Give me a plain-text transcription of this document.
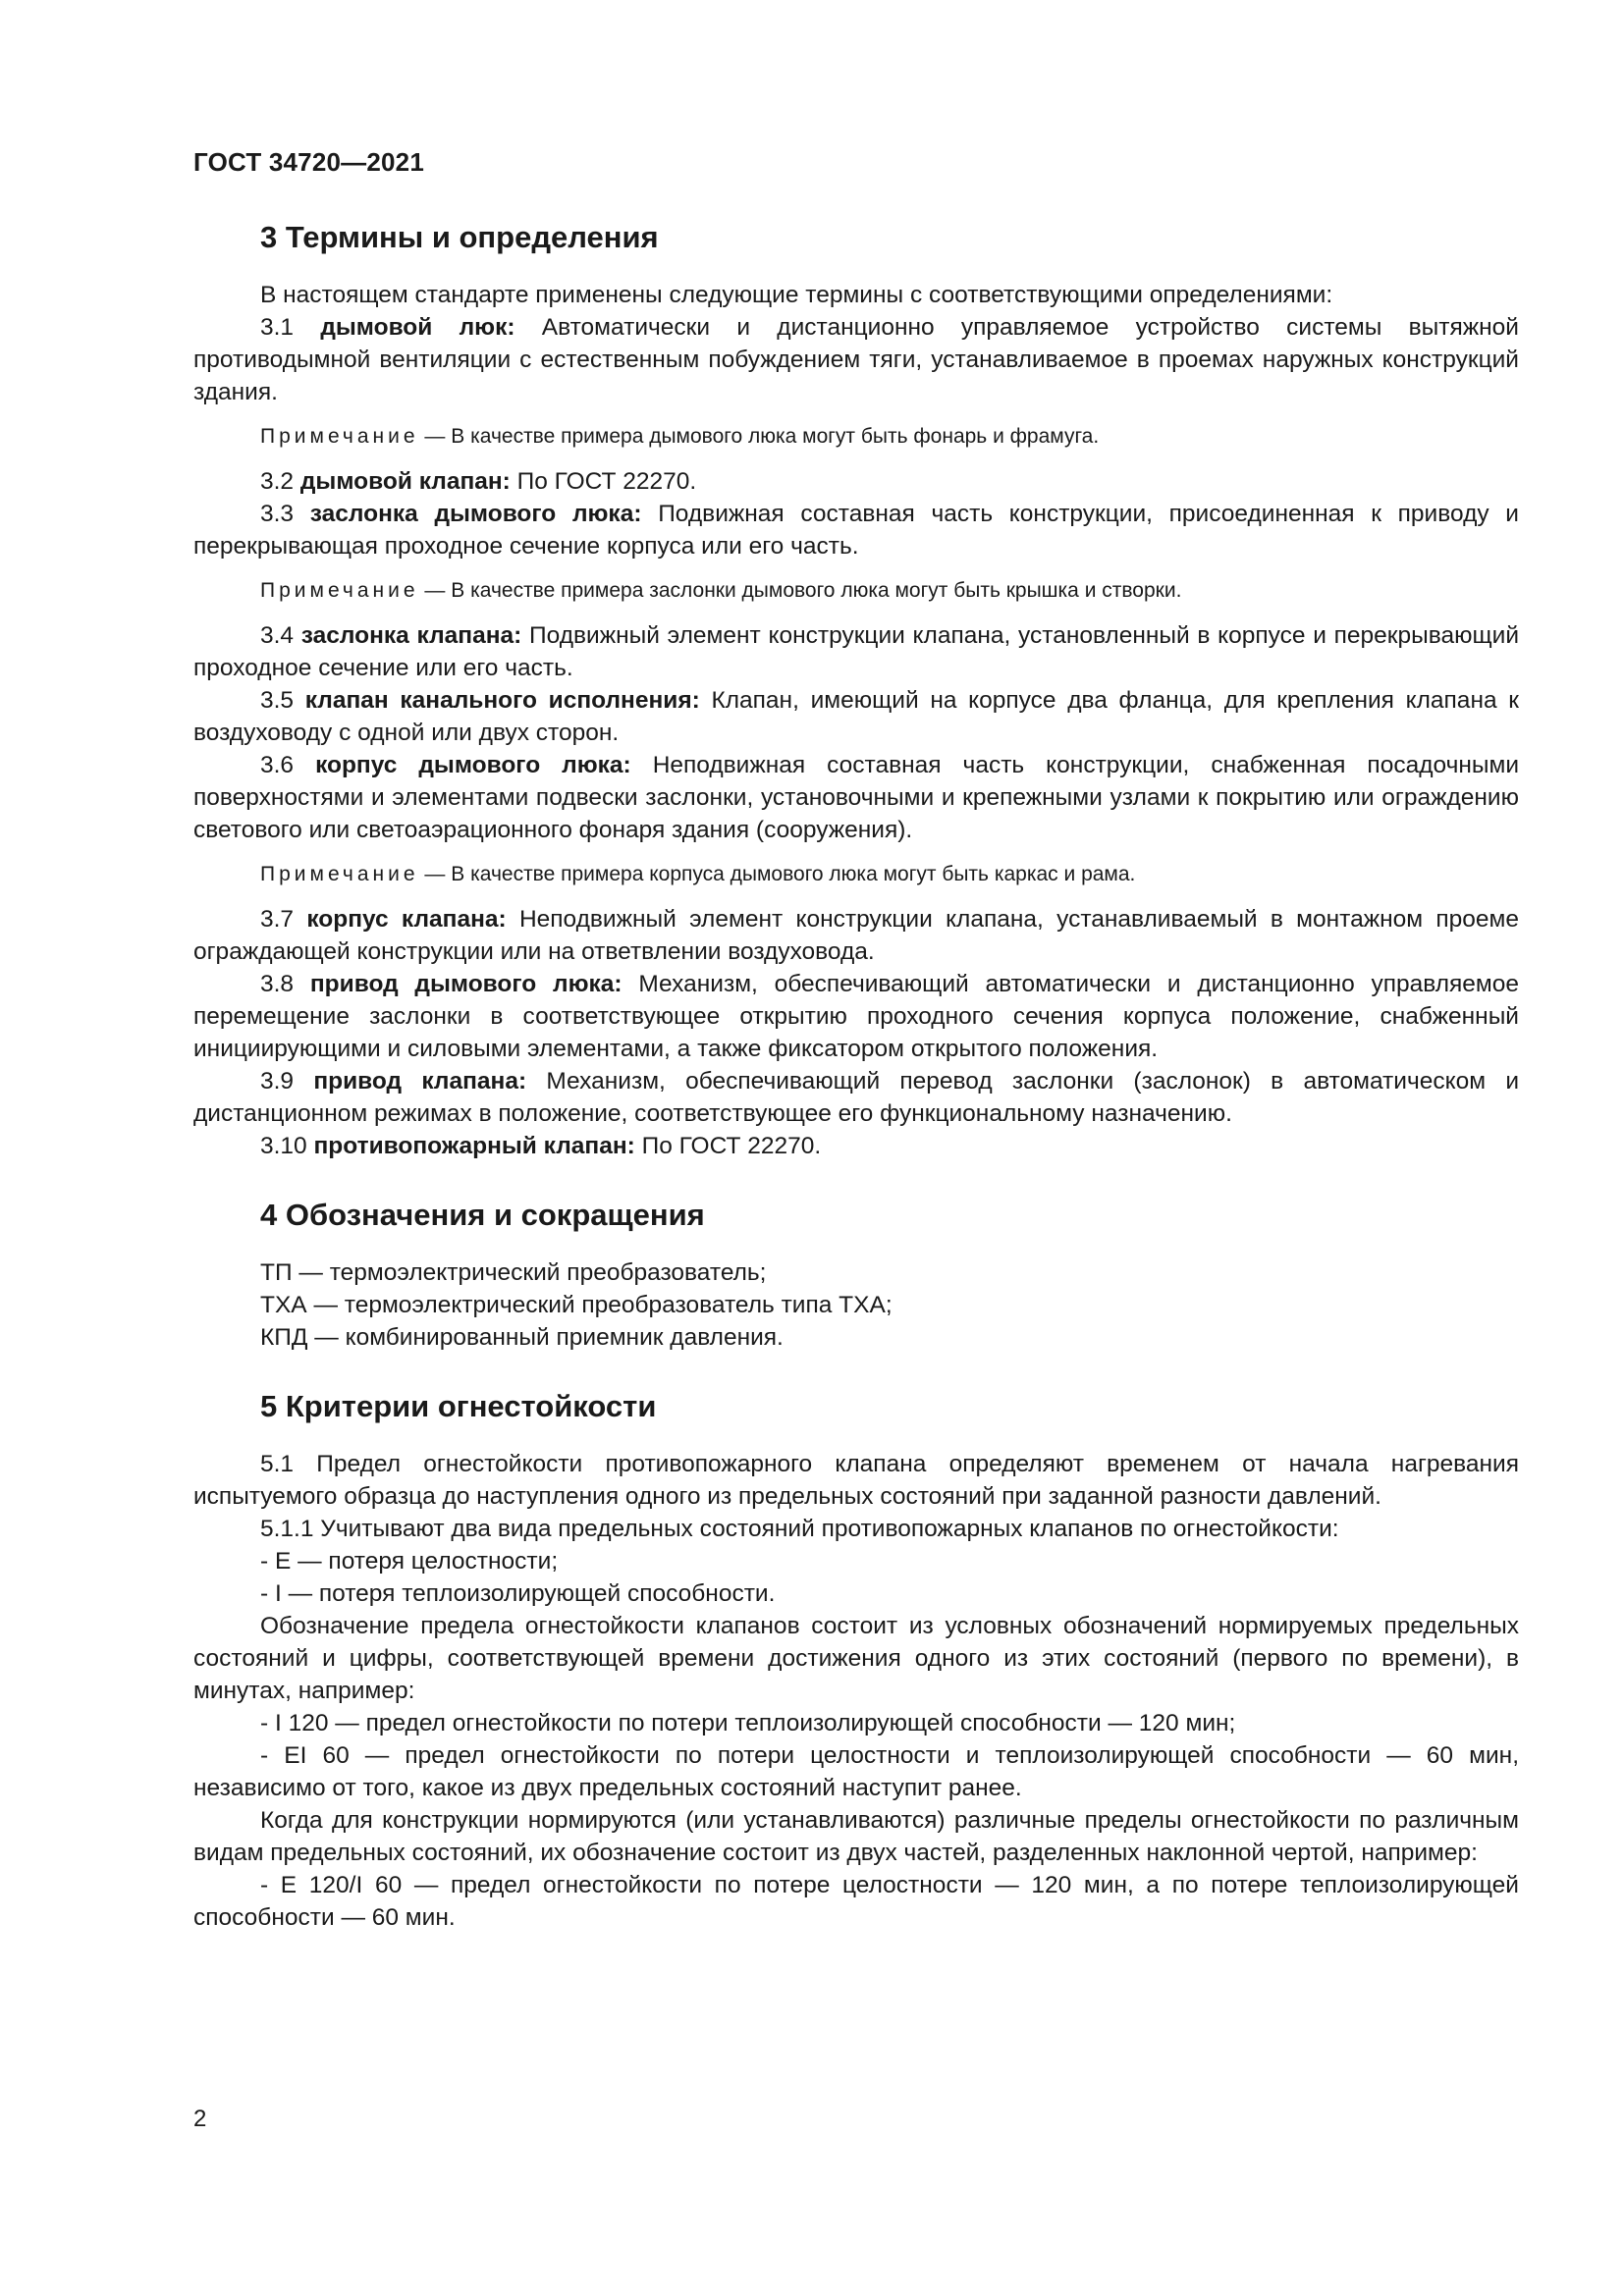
ГОСТ 34720—2021
3 Термины и определения

В настоящем стандарте применены следующие термины с соответствующими определениями:

3.1 дымовой люк: Автоматически и дистанционно управляемое устройство системы вытяжной противодымной вентиляции с естественным побуждением тяги, устанавливаемое в проемах наружных конструкций здания.

Примечание — В качестве примера дымового люка могут быть фонарь и фрамуга.

3.2 дымовой клапан: По ГОСТ 22270.

3.3 заслонка дымового люка: Подвижная составная часть конструкции, присоединенная к приводу и перекрывающая проходное сечение корпуса или его часть.

Примечание — В качестве примера заслонки дымового люка могут быть крышка и створки.

3.4 заслонка клапана: Подвижный элемент конструкции клапана, установленный в корпусе и перекрывающий проходное сечение или его часть.

3.5 клапан канального исполнения: Клапан, имеющий на корпусе два фланца, для крепления клапана к воздуховоду с одной или двух сторон.

3.6 корпус дымового люка: Неподвижная составная часть конструкции, снабженная посадочными поверхностями и элементами подвески заслонки, установочными и крепежными узлами к покрытию или ограждению светового или светоаэрационного фонаря здания (сооружения).

Примечание — В качестве примера корпуса дымового люка могут быть каркас и рама.

3.7 корпус клапана: Неподвижный элемент конструкции клапана, устанавливаемый в монтажном проеме ограждающей конструкции или на ответвлении воздуховода.

3.8 привод дымового люка: Механизм, обеспечивающий автоматически и дистанционно управляемое перемещение заслонки в соответствующее открытию проходного сечения корпуса положение, снабженный инициирующими и силовыми элементами, а также фиксатором открытого положения.

3.9 привод клапана: Механизм, обеспечивающий перевод заслонки (заслонок) в автоматическом и дистанционном режимах в положение, соответствующее его функциональному назначению.

3.10 противопожарный клапан: По ГОСТ 22270.

4 Обозначения и сокращения

ТП — термоэлектрический преобразователь;

ТХА — термоэлектрический преобразователь типа ТХА;

КПД — комбинированный приемник давления.

5 Критерии огнестойкости

5.1 Предел огнестойкости противопожарного клапана определяют временем от начала нагревания испытуемого образца до наступления одного из предельных состояний при заданной разности давлений.

5.1.1 Учитывают два вида предельных состояний противопожарных клапанов по огнестойкости:

- E — потеря целостности;

- I — потеря теплоизолирующей способности.

Обозначение предела огнестойкости клапанов состоит из условных обозначений нормируемых предельных состояний и цифры, соответствующей времени достижения одного из этих состояний (первого по времени), в минутах, например:

- I 120 — предел огнестойкости по потери теплоизолирующей способности — 120 мин;

- EI 60 — предел огнестойкости по потери целостности и теплоизолирующей способности — 60 мин, независимо от того, какое из двух предельных состояний наступит ранее.

Когда для конструкции нормируются (или устанавливаются) различные пределы огнестойкости по различным видам предельных состояний, их обозначение состоит из двух частей, разделенных наклонной чертой, например:

- E 120/I 60 — предел огнестойкости по потере целостности — 120 мин, а по потере теплоизолирующей способности — 60 мин.

2
